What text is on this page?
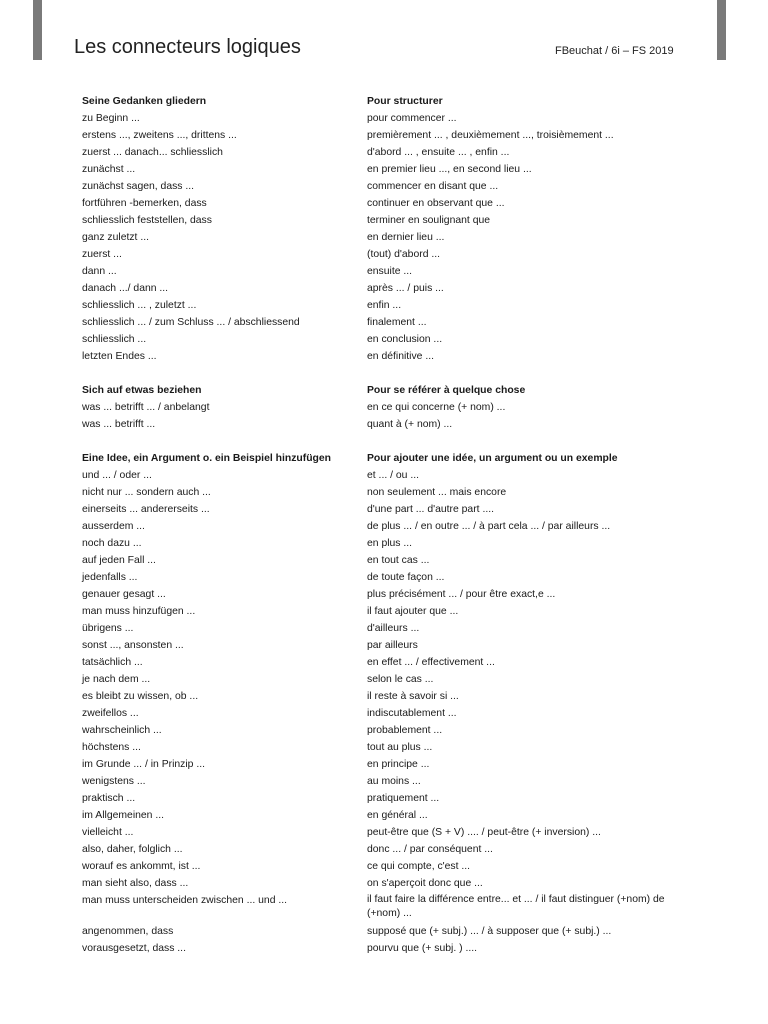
Les connecteurs logiques	FBeuchat / 6i – FS 2019
Seine Gedanken gliedern	Pour structurer
zu Beginn ...	pour commencer ...
erstens ..., zweitens ..., drittens ...	premièrement ... , deuxièmement ..., troisièmement ...
zuerst ... danach... schliesslich	d'abord ... , ensuite ... , enfin ...
zunächst ...	en premier lieu ..., en second lieu ...
zunächst sagen, dass ...	commencer en disant que ...
fortführen -bemerken, dass	continuer en observant que ...
schliesslich feststellen, dass	terminer en soulignant que
ganz zuletzt ...	en dernier lieu ...
zuerst ...	(tout) d'abord ...
dann ...	ensuite ...
danach .../ dann ...	après ... / puis ...
schliesslich ... , zuletzt ...	enfin ...
schliesslich ... / zum Schluss ... / abschliessend	finalement ...
schliesslich ...	en conclusion ...
letzten Endes ...	en définitive ...
Sich auf etwas beziehen	Pour se référer à quelque chose
was ... betrifft ... / anbelangt	en ce qui concerne (+ nom) ...
was ... betrifft ...	quant à (+ nom) ...
Eine Idee, ein Argument o. ein Beispiel hinzufügen	Pour ajouter une idée, un argument ou un exemple
und ... / oder ...	et ... / ou ...
nicht nur ... sondern auch ...	non seulement ... mais encore
einerseits ... andererseits ...	d'une part ... d'autre part ....
ausserdem ...	de plus ... / en outre ... / à part cela ... / par ailleurs ...
noch dazu ...	en plus ...
auf jeden Fall ...	en tout cas ...
jedenfalls ...	de toute façon ...
genauer gesagt ...	plus précisément ... / pour être exact,e ...
man muss hinzufügen ...	il faut ajouter que ...
übrigens ...	d'ailleurs ...
sonst ..., ansonsten ...	par ailleurs
tatsächlich ...	en effet ... / effectivement ...
je nach dem ...	selon le cas ...
es bleibt zu wissen, ob ...	il reste à savoir si ...
zweifellos ...	indiscutablement ...
wahrscheinlich ...	probablement ...
höchstens ...	tout au plus ...
im Grunde ... / in Prinzip ...	en principe ...
wenigstens ...	au moins ...
praktisch ...	pratiquement ...
im Allgemeinen ...	en général ...
vielleicht ...	peut-être que (S + V) .... / peut-être (+ inversion) ...
also, daher, folglich ...	donc ... / par conséquent ...
worauf es ankommt, ist ...	ce qui compte, c'est ...
man sieht also, dass ...	on s'aperçoit donc que ...
man muss unterscheiden zwischen ... und ...	il faut faire la différence entre... et ... / il faut distinguer (+nom) de (+nom) ...
angenommen, dass	supposé que (+ subj.) ... / à supposer que (+ subj.) ...
vorausgesetzt, dass ...	pourvu que (+ subj. ) ....
